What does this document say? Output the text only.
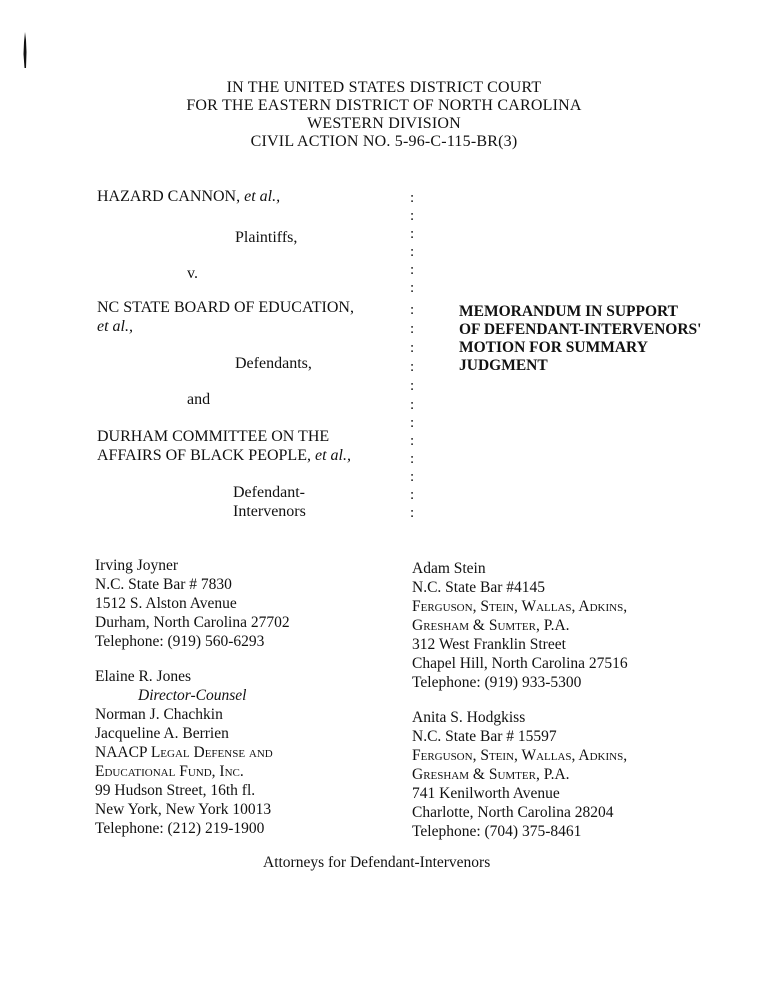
IN THE UNITED STATES DISTRICT COURT
FOR THE EASTERN DISTRICT OF NORTH CAROLINA
WESTERN DIVISION
CIVIL ACTION NO. 5-96-C-115-BR(3)
HAZARD CANNON, et al.,
Plaintiffs,
v.
NC STATE BOARD OF EDUCATION,
et al.,
Defendants,
and
DURHAM COMMITTEE ON THE
AFFAIRS OF BLACK PEOPLE, et al.,
Defendant-
Intervenors
:
:
:
:
:
:
:
:
:
:
:
:
:
:
:
:
:
:
MEMORANDUM IN SUPPORT
OF DEFENDANT-INTERVENORS'
MOTION FOR SUMMARY
JUDGMENT
Irving Joyner
N.C. State Bar # 7830
1512 S. Alston Avenue
Durham, North Carolina 27702
Telephone: (919) 560-6293
Elaine R. Jones
Director-Counsel
Norman J. Chachkin
Jacqueline A. Berrien
NAACP Legal Defense and
Educational Fund, Inc.
99 Hudson Street, 16th fl.
New York, New York 10013
Telephone: (212) 219-1900
Adam Stein
N.C. State Bar #4145
Ferguson, Stein, Wallas, Adkins,
Gresham & Sumter, P.A.
312 West Franklin Street
Chapel Hill, North Carolina 27516
Telephone: (919) 933-5300
Anita S. Hodgkiss
N.C. State Bar # 15597
Ferguson, Stein, Wallas, Adkins,
Gresham & Sumter, P.A.
741 Kenilworth Avenue
Charlotte, North Carolina 28204
Telephone: (704) 375-8461
Attorneys for Defendant-Intervenors
